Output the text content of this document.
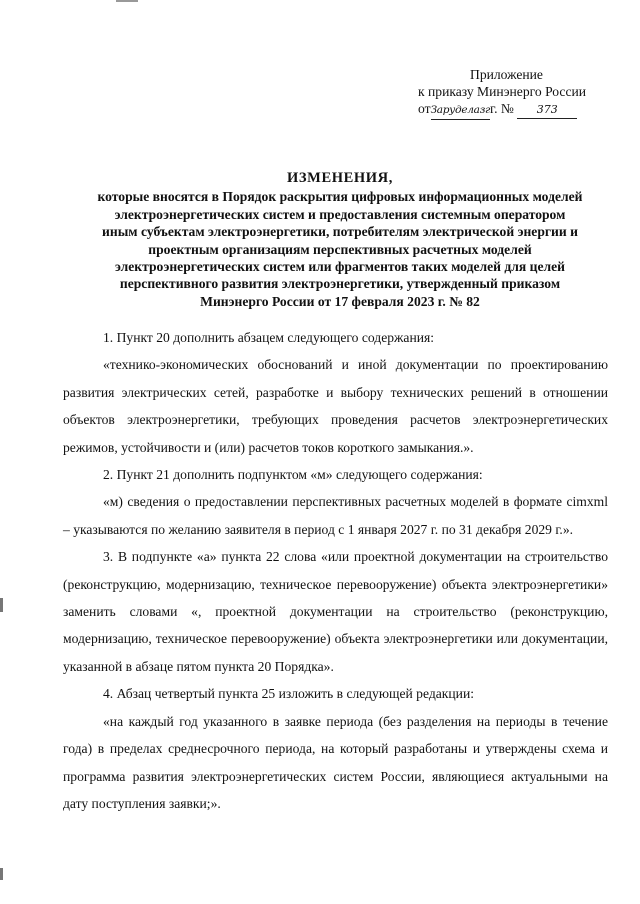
Приложение
к приказу Минэнерго России
отЗаруделазгг. № 373
ИЗМЕНЕНИЯ,
которые вносятся в Порядок раскрытия цифровых информационных моделей
электроэнергетических систем и предоставления системным оператором
иным субъектам электроэнергетики, потребителям электрической энергии и
проектным организациям перспективных расчетных моделей
электроэнергетических систем или фрагментов таких моделей для целей
перспективного развития электроэнергетики, утвержденный приказом
Минэнерго России от 17 февраля 2023 г. № 82

1. Пункт 20 дополнить абзацем следующего содержания:

«технико-экономических обоснований и иной документации по проектированию развития электрических сетей, разработке и выбору технических решений в отношении объектов электроэнергетики, требующих проведения расчетов электроэнергетических режимов, устойчивости и (или) расчетов токов короткого замыкания.».

2. Пункт 21 дополнить подпунктом «м» следующего содержания:

«м) сведения о предоставлении перспективных расчетных моделей в формате cimxml – указываются по желанию заявителя в период с 1 января 2027 г. по 31 декабря 2029 г.».

3. В подпункте «а» пункта 22 слова «или проектной документации на строительство (реконструкцию, модернизацию, техническое перевооружение) объекта электроэнергетики» заменить словами «, проектной документации на строительство (реконструкцию, модернизацию, техническое перевооружение) объекта электроэнергетики или документации, указанной в абзаце пятом пункта 20 Порядка».

4. Абзац четвертый пункта 25 изложить в следующей редакции:

«на каждый год указанного в заявке периода (без разделения на периоды в течение года) в пределах среднесрочного периода, на который разработаны и утверждены схема и программа развития электроэнергетических систем России, являющиеся актуальными на дату поступления заявки;».
